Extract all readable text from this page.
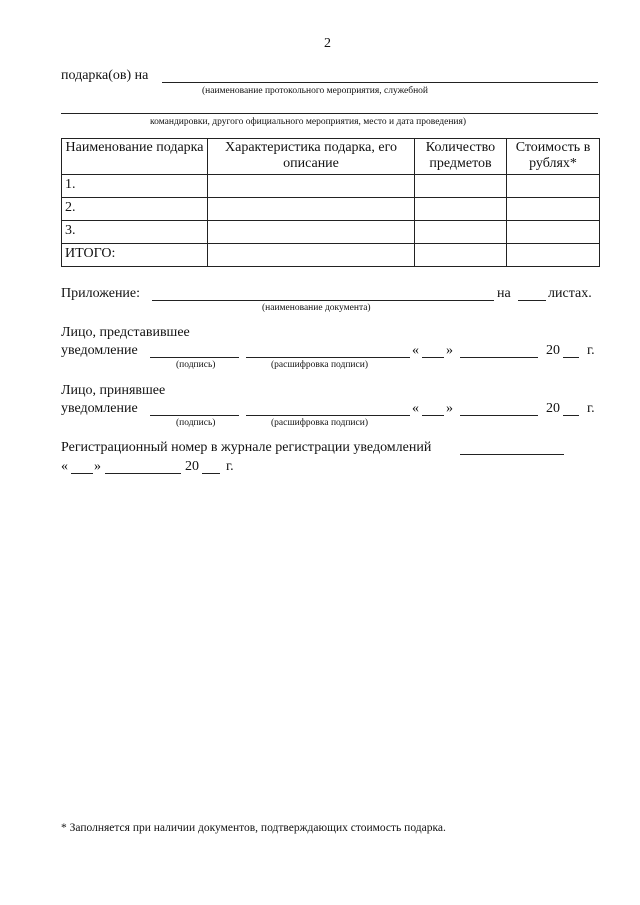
2
подарка(ов) на
(наименование протокольного мероприятия, служебной
командировки, другого официального мероприятия, место и дата проведения)
Наименование подарка	Характеристика подарка, его описание	Количество предметов	Стоимость в рублях*
1.			
2.			
3.			
ИТОГО:			
Приложение:	на	листах.
(наименование документа)
Лицо, представившее
уведомление	« »	20 г.
(подпись)	(расшифровка подписи)
Лицо, принявшее
уведомление	« »	20 г.
(подпись)	(расшифровка подписи)
Регистрационный номер в журнале регистрации уведомлений
« »	20 г.
* Заполняется при наличии документов, подтверждающих стоимость подарка.
